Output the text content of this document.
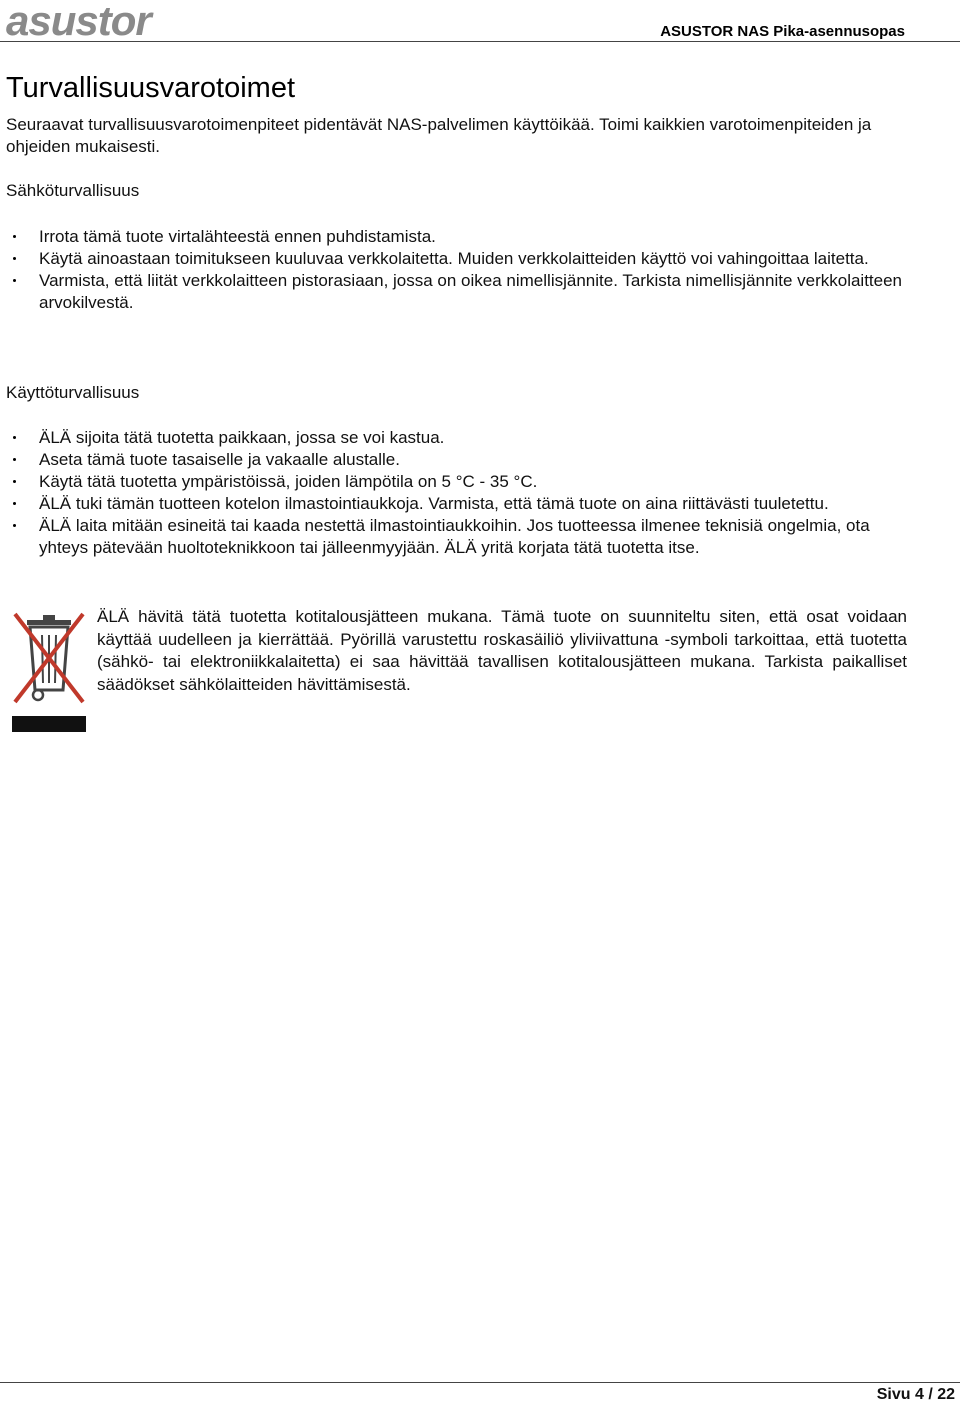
asustor	ASUSTOR NAS Pika-asennusopas
Turvallisuusvarotoimet

Seuraavat turvallisuusvarotoimenpiteet pidentävät NAS-palvelimen käyttöikää. Toimi kaikkien varotoimenpiteiden ja ohjeiden mukaisesti.

Sähköturvallisuus
Irrota tämä tuote virtalähteestä ennen puhdistamista.
Käytä ainoastaan toimitukseen kuuluvaa verkkolaitetta. Muiden verkkolaitteiden käyttö voi vahingoittaa laitetta.
Varmista, että liität verkkolaitteen pistorasiaan, jossa on oikea nimellisjännite. Tarkista nimellisjännite verkkolaitteen arvokilvestä.
Käyttöturvallisuus
ÄLÄ sijoita tätä tuotetta paikkaan, jossa se voi kastua.
Aseta tämä tuote tasaiselle ja vakaalle alustalle.
Käytä tätä tuotetta ympäristöissä, joiden lämpötila on 5 °C - 35 °C.
ÄLÄ tuki tämän tuotteen kotelon ilmastointiaukkoja. Varmista, että tämä tuote on aina riittävästi tuuletettu.
ÄLÄ laita mitään esineitä tai kaada nestettä ilmastointiaukkoihin. Jos tuotteessa ilmenee teknisiä ongelmia, ota yhteys pätevään huoltoteknikkoon tai jälleenmyyjään. ÄLÄ yritä korjata tätä tuotetta itse.

ÄLÄ hävitä tätä tuotetta kotitalousjätteen mukana. Tämä tuote on suunniteltu siten, että osat voidaan käyttää uudelleen ja kierrättää. Pyörillä varustettu roskasäiliö yliviivattuna -symboli tarkoittaa, että tuotetta (sähkö- tai elektroniikkalaitetta) ei saa hävittää tavallisen kotitalousjätteen mukana. Tarkista paikalliset säädökset sähkölaitteiden hävittämisestä.

Sivu 4 / 22
